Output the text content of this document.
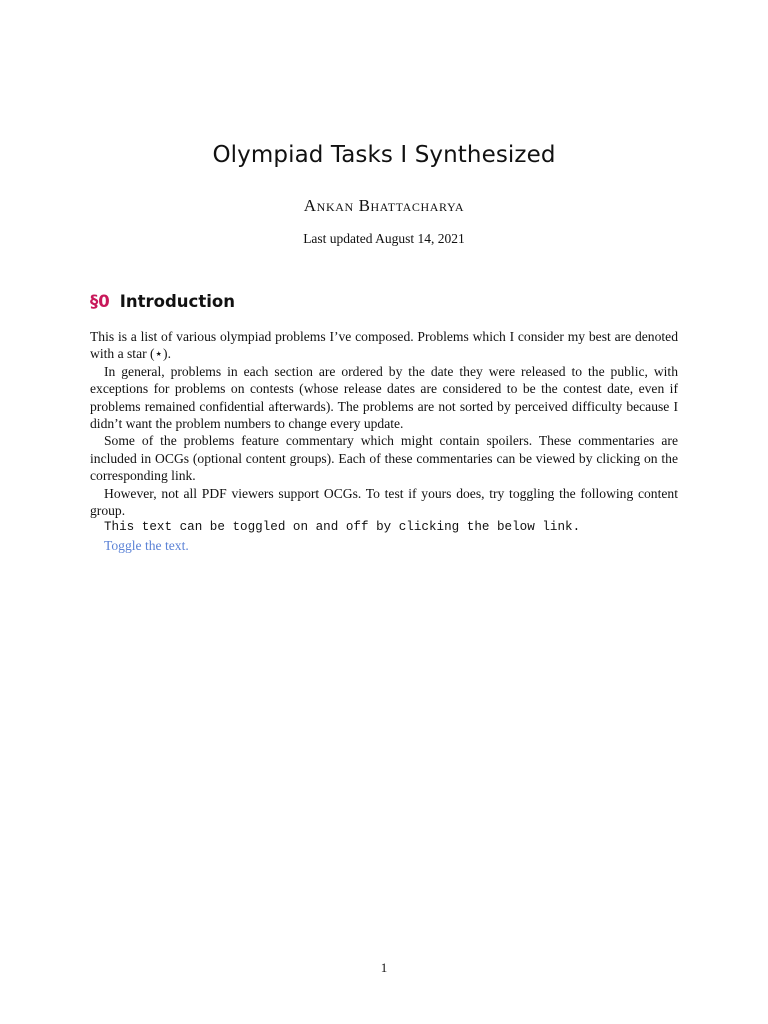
Olympiad Tasks I Synthesized
Ankan Bhattacharya
Last updated August 14, 2021
§0 Introduction

This is a list of various olympiad problems I’ve composed. Problems which I consider my best are denoted with a star (⋆).

In general, problems in each section are ordered by the date they were released to the public, with exceptions for problems on contests (whose release dates are considered to be the contest date, even if problems remained confidential afterwards). The problems are not sorted by perceived difficulty because I didn’t want the problem numbers to change every update.

Some of the problems feature commentary which might contain spoilers. These commentaries are included in OCGs (optional content groups). Each of these commentaries can be viewed by clicking on the corresponding link.

However, not all PDF viewers support OCGs. To test if yours does, try toggling the following content group.

This text can be toggled on and off by clicking the below link.

Toggle the text.
1
